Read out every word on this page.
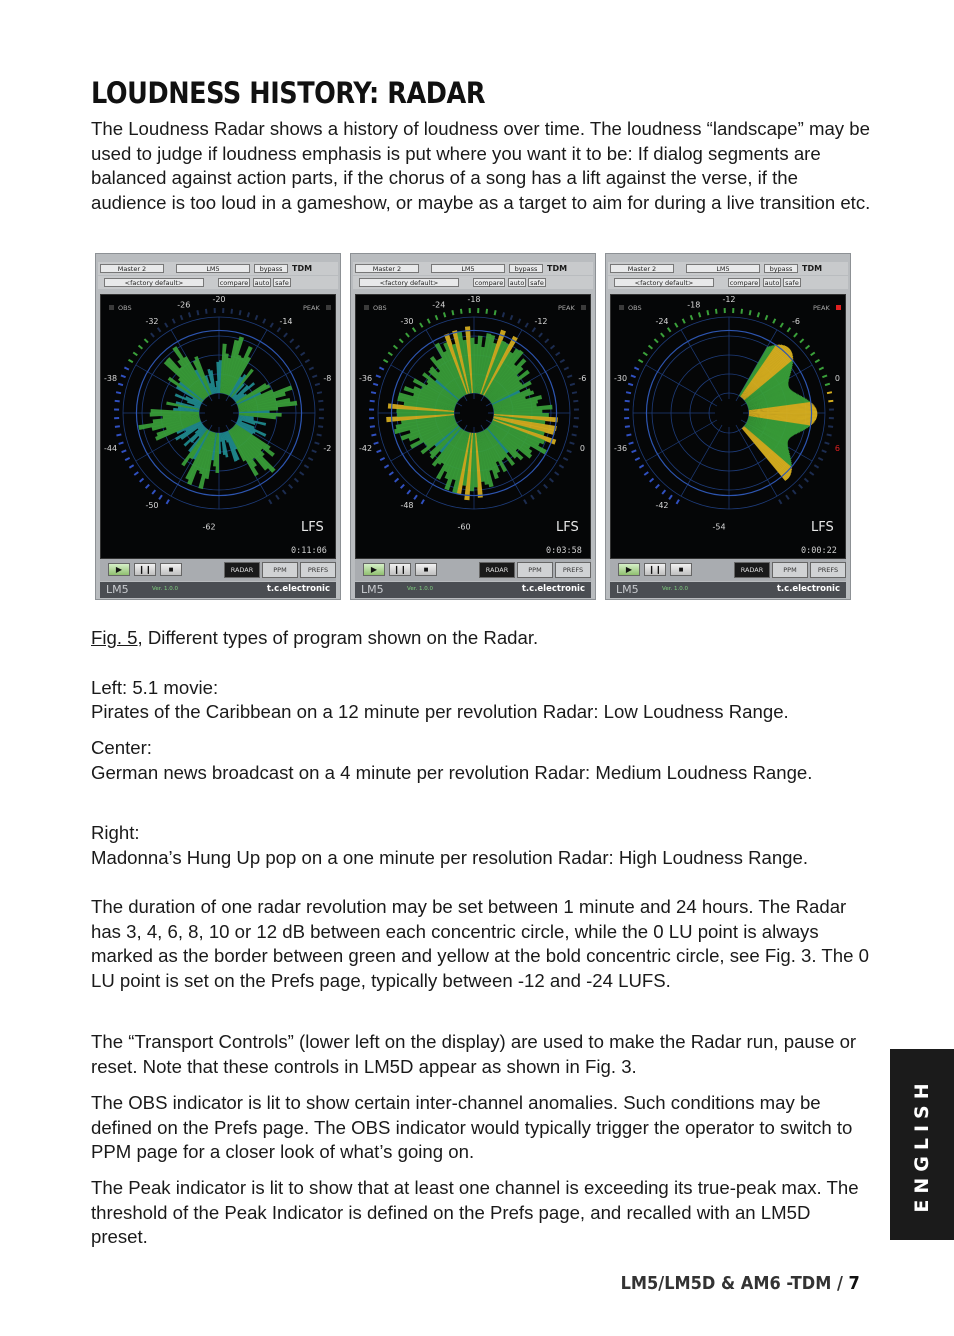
LOUDNESS HISTORY: RADAR

The Loudness Radar shows a history of loudness over time. The loudness “landscape” may be used to judge if loudness emphasis is put where you want it to be: If dialog segments are balanced against action parts, if the chorus of a song has a lift against the verse, if the audience is too loud in a gameshow, or maybe as a target to aim for during a live transition etc.

Master 2	LM5	bypass	TDM
<factory default>	compare auto safe
OBS	PEAK
-20
-14
-8
-2
-62
-50
-44
-38
-32
-26
LFS
0:11:06
▶	❙❙	■	RADAR	PPM	PREFS
LM5	Ver. 1.0.0	t.c.electronic
Master 2	LM5	bypass	TDM
<factory default>	compare auto safe
OBS	PEAK
-18
-12
-6
0
-60
-48
-42
-36
-30
-24
LFS
0:03:58
▶	❙❙	■	RADAR	PPM	PREFS
LM5	Ver. 1.0.0	t.c.electronic
Master 2	LM5	bypass	TDM
<factory default>	compare auto safe
OBS	PEAK
-12
-6
0
6
-54
-42
-36
-30
-24
-18
LFS
0:00:22
▶	❙❙	■	RADAR	PPM	PREFS
LM5	Ver. 1.0.0	t.c.electronic

Fig. 5, Different types of program shown on the Radar.

Left: 5.1 movie:

Pirates of the Caribbean on a 12 minute per revolution Radar: Low Loudness Range.

Center:

German news broadcast on a 4 minute per revolution Radar: Medium Loudness Range.

Right:

Madonna’s Hung Up pop on a one minute per resolution Radar: High Loudness Range.

The duration of one radar revolution may be set between 1 minute and 24 hours. The Radar has 3, 4, 6, 8, 10 or 12 dB between each concentric circle, while the 0 LU point is always marked as the border between green and yellow at the bold concentric circle, see Fig. 3. The 0 LU point is set on the Prefs page, typically between -12 and -24 LUFS.

The “Transport Controls” (lower left on the display) are used to make the Radar run, pause or reset. Note that these controls in LM5D appear as shown in Fig. 3.

The OBS indicator is lit to show certain inter-channel anomalies. Such conditions may be defined on the Prefs page. The OBS indicator would typically trigger the operator to switch to PPM page for a closer look of what’s going on.

The Peak indicator is lit to show that at least one channel is exceeding its true-peak max. The threshold of the Peak Indicator is defined on the Prefs page, and recalled with an LM5D preset.

ENGLISH
LM5/LM5D & AM6 -TDM / 7
